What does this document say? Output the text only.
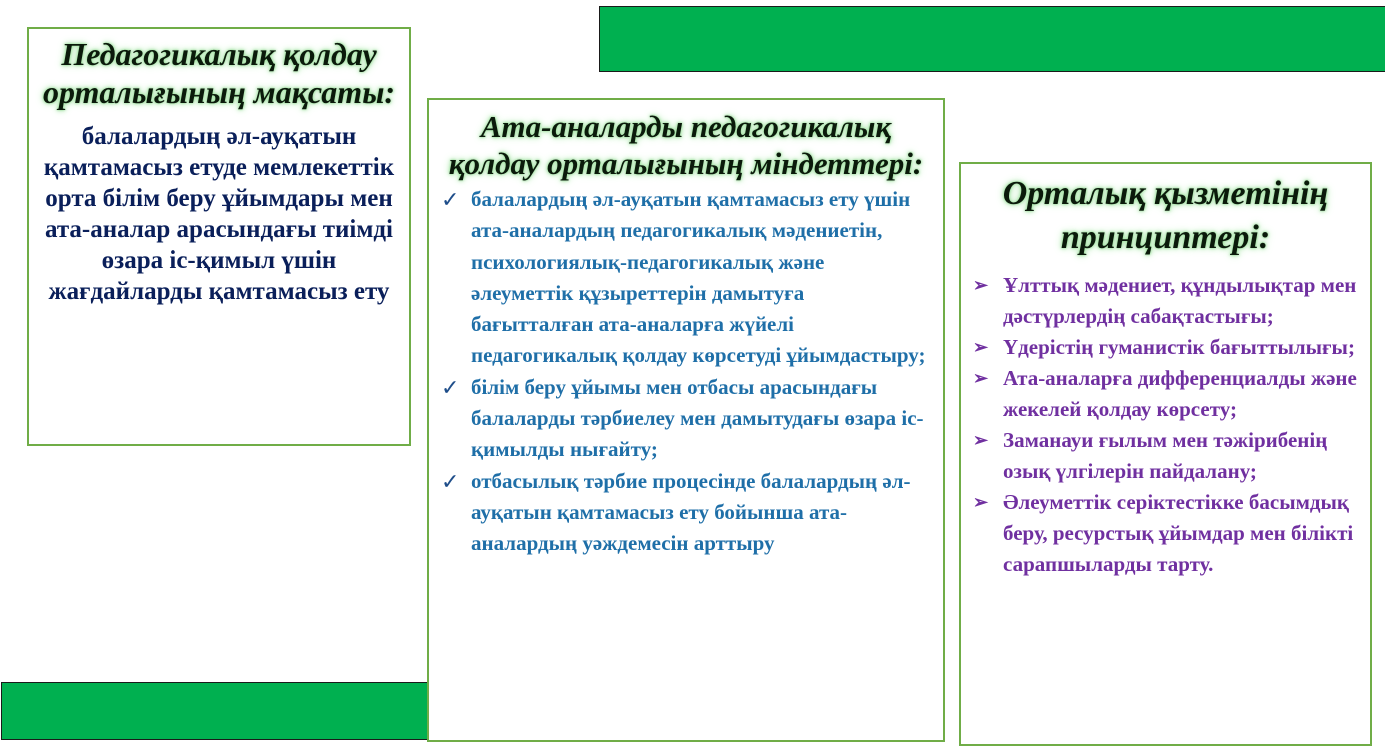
Педагогикалық қолдау орталығының мақсаты:

балалардың әл-ауқатын қамтамасыз етуде мемлекеттік орта білім беру ұйымдары мен ата-аналар арасындағы тиімді өзара іс-қимыл үшін жағдайларды қамтамасыз ету

Ата-аналарды педагогикалық қолдау орталығының міндеттері:
✓ балалардың әл-ауқатын қамтамасыз ету үшін ата-аналардың педагогикалық мәдениетін, психологиялық-педагогикалық және әлеуметтік құзыреттерін дамытуға бағытталған ата-аналарға жүйелі педагогикалық қолдау көрсетуді ұйымдастыру;
✓ білім беру ұйымы мен отбасы арасындағы балаларды тәрбиелеу мен дамытудағы өзара іс-қимылды нығайту;
✓ отбасылық тәрбие процесінде балалардың әл-ауқатын қамтамасыз ету бойынша ата-аналардың уәждемесін арттыру
Орталық қызметінің принциптері:
➢ Ұлттық мәдениет, құндылықтар мен дәстүрлердің сабақтастығы;
➢ Үдерістің гуманистік бағыттылығы;
➢ Ата-аналарға дифференциалды және жекелей қолдау көрсету;
➢ Заманауи ғылым мен тәжірибенің озық үлгілерін пайдалану;
➢ Әлеуметтік серіктестікке басымдық беру, ресурстық ұйымдар мен білікті сарапшыларды тарту.
